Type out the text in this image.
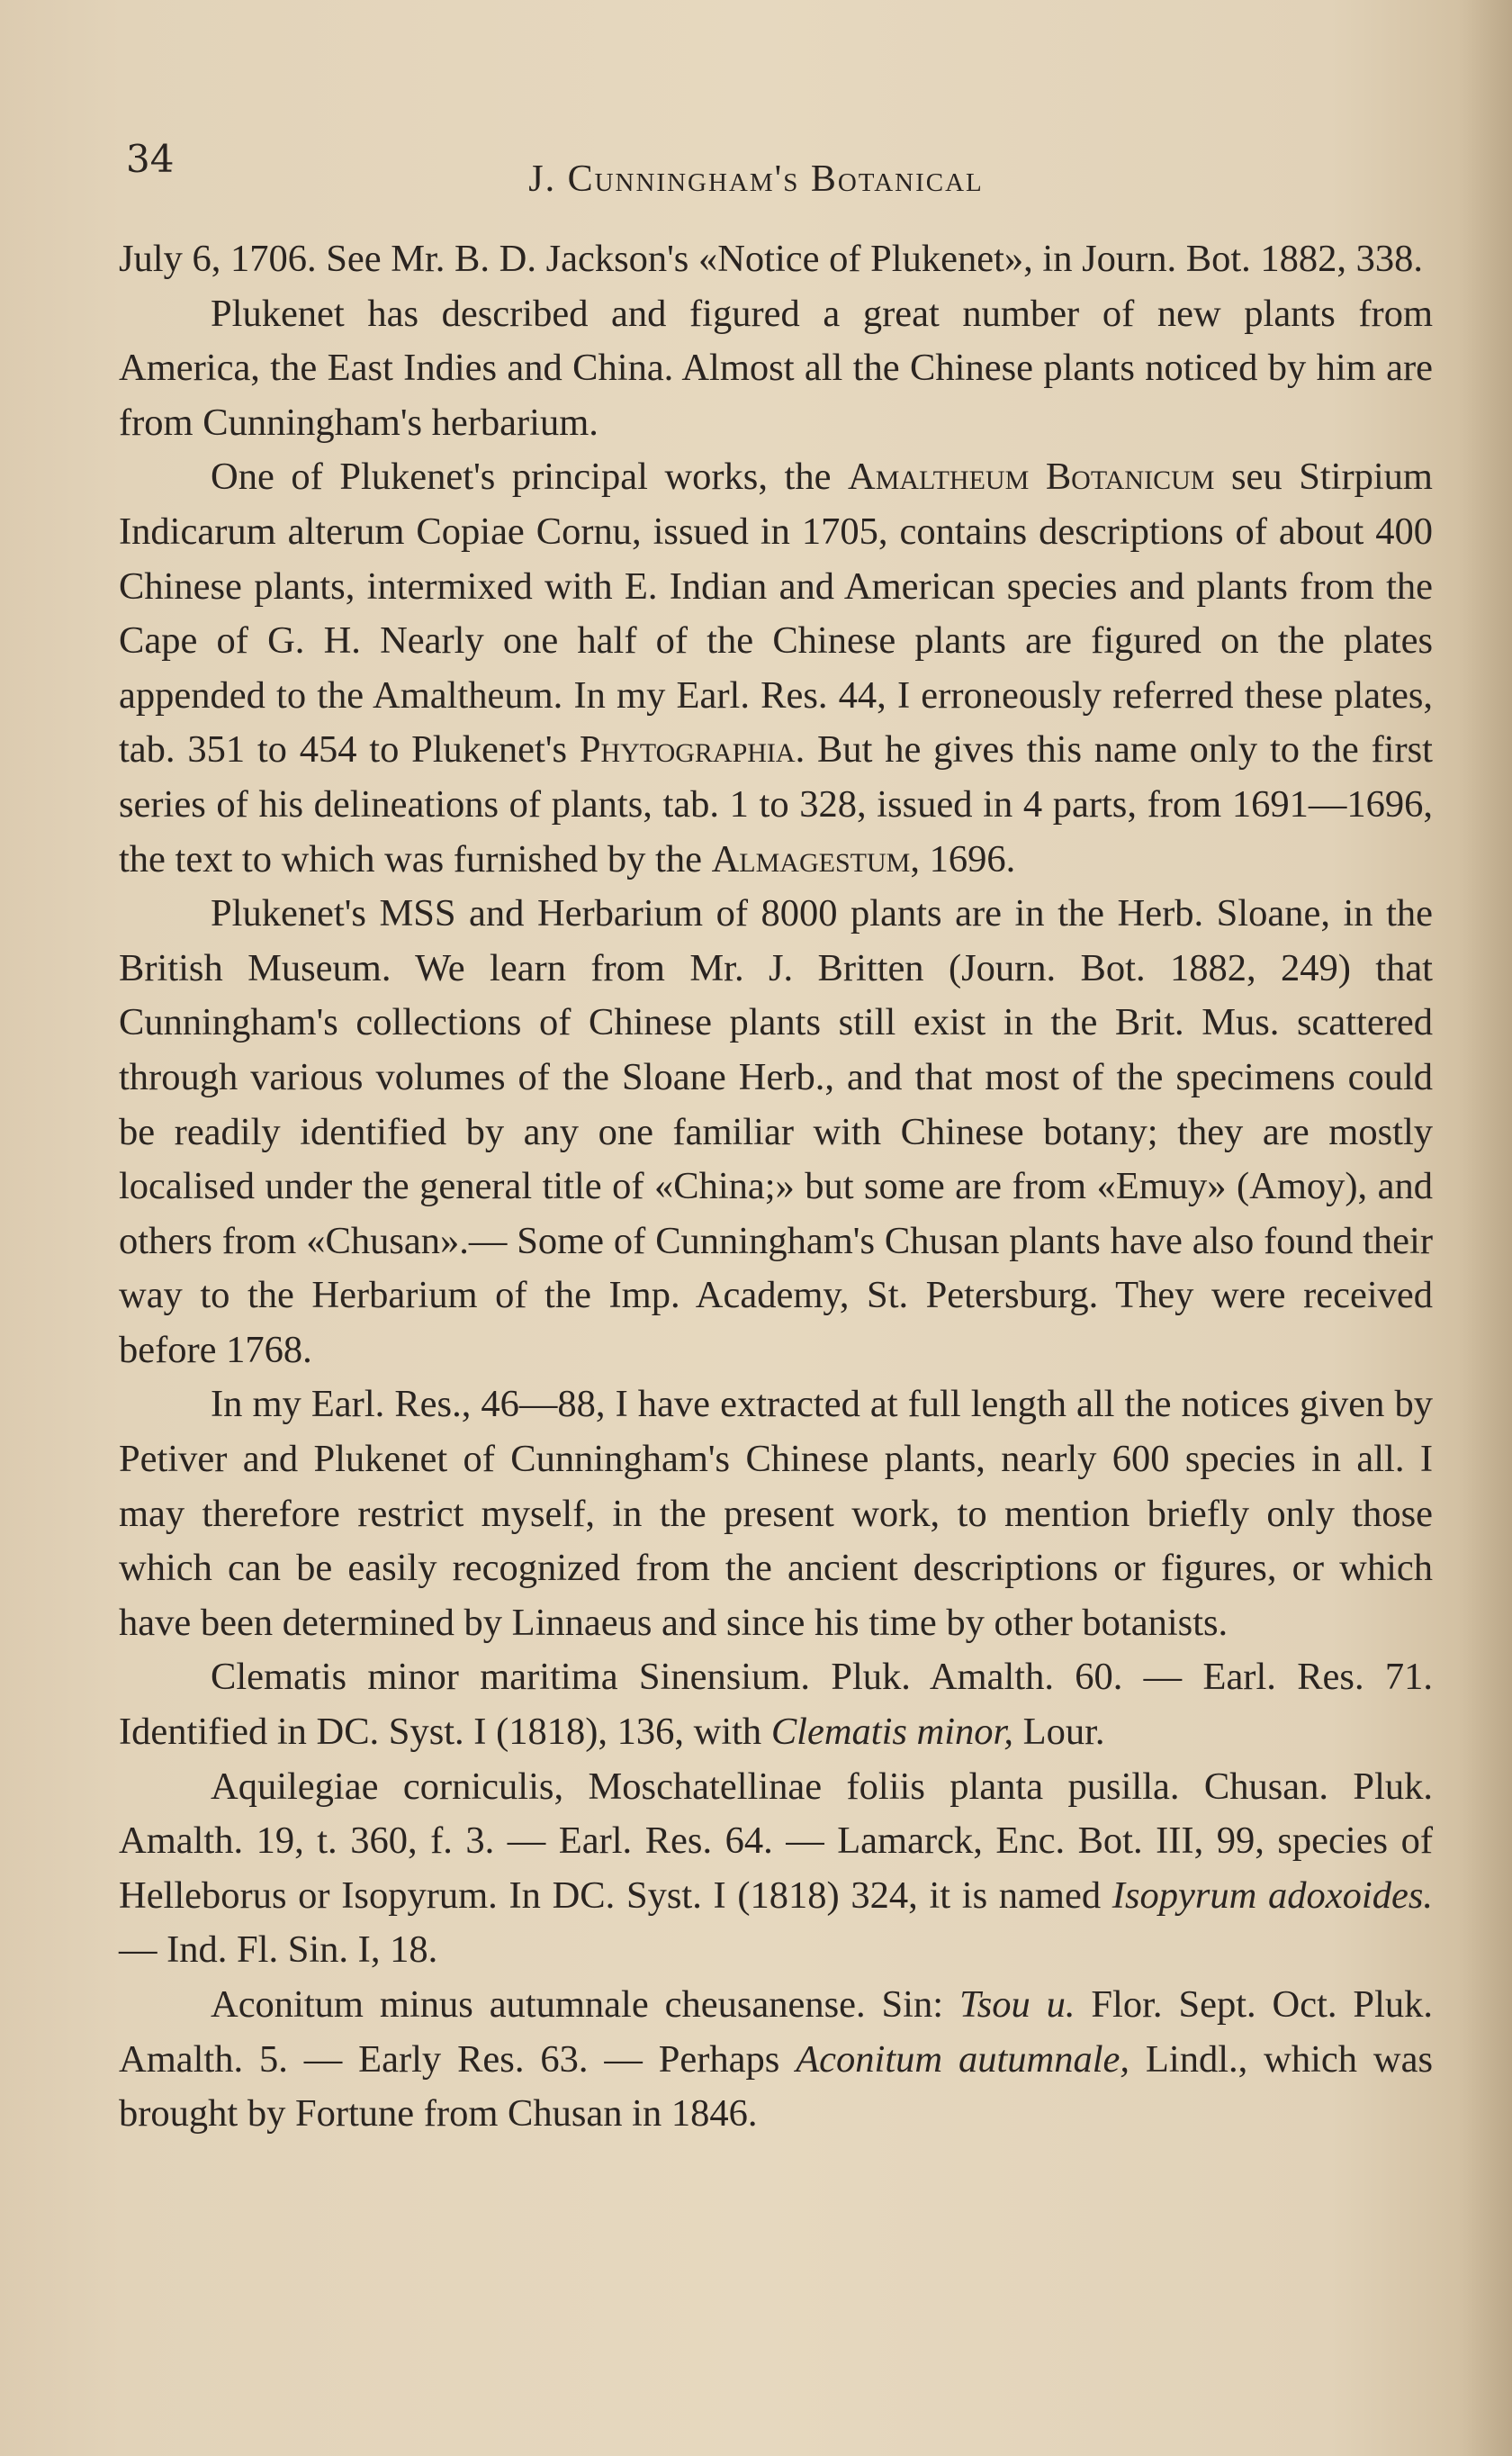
34	J. Cunningham's Botanical

July 6, 1706. See Mr. B. D. Jackson's «Notice of Plukenet», in Journ. Bot. 1882, 338.

Plukenet has described and figured a great number of new plants from America, the East Indies and China. Almost all the Chinese plants noticed by him are from Cunningham's herbarium.

One of Plukenet's principal works, the Amaltheum Botanicum seu Stirpium Indicarum alterum Copiae Cornu, issued in 1705, contains descriptions of about 400 Chinese plants, intermixed with E. Indian and American species and plants from the Cape of G. H. Nearly one half of the Chinese plants are figured on the plates appended to the Amaltheum. In my Earl. Res. 44, I erroneously referred these plates, tab. 351 to 454 to Plukenet's Phytographia. But he gives this name only to the first series of his delineations of plants, tab. 1 to 328, issued in 4 parts, from 1691—1696, the text to which was furnished by the Almagestum, 1696.

Plukenet's MSS and Herbarium of 8000 plants are in the Herb. Sloane, in the British Museum. We learn from Mr. J. Britten (Journ. Bot. 1882, 249) that Cunningham's collections of Chinese plants still exist in the Brit. Mus. scattered through various volumes of the Sloane Herb., and that most of the specimens could be readily identified by any one familiar with Chinese botany; they are mostly localised under the general title of «China;» but some are from «Emuy» (Amoy), and others from «Chusan».— Some of Cunningham's Chusan plants have also found their way to the Herbarium of the Imp. Academy, St. Petersburg. They were received before 1768.

In my Earl. Res., 46—88, I have extracted at full length all the notices given by Petiver and Plukenet of Cunningham's Chinese plants, nearly 600 species in all. I may therefore restrict myself, in the present work, to mention briefly only those which can be easily recognized from the ancient descriptions or figures, or which have been determined by Linnaeus and since his time by other botanists.

Clematis minor maritima Sinensium. Pluk. Amalth. 60. — Earl. Res. 71. Identified in DC. Syst. I (1818), 136, with Clematis minor, Lour.

Aquilegiae corniculis, Moschatellinae foliis planta pusilla. Chusan. Pluk. Amalth. 19, t. 360, f. 3. — Earl. Res. 64. — Lamarck, Enc. Bot. III, 99, species of Helleborus or Isopyrum. In DC. Syst. I (1818) 324, it is named Isopyrum adoxoides. — Ind. Fl. Sin. I, 18.

Aconitum minus autumnale cheusanense. Sin: Tsou u. Flor. Sept. Oct. Pluk. Amalth. 5. — Early Res. 63. — Perhaps Aconitum autumnale, Lindl., which was brought by Fortune from Chusan in 1846.
